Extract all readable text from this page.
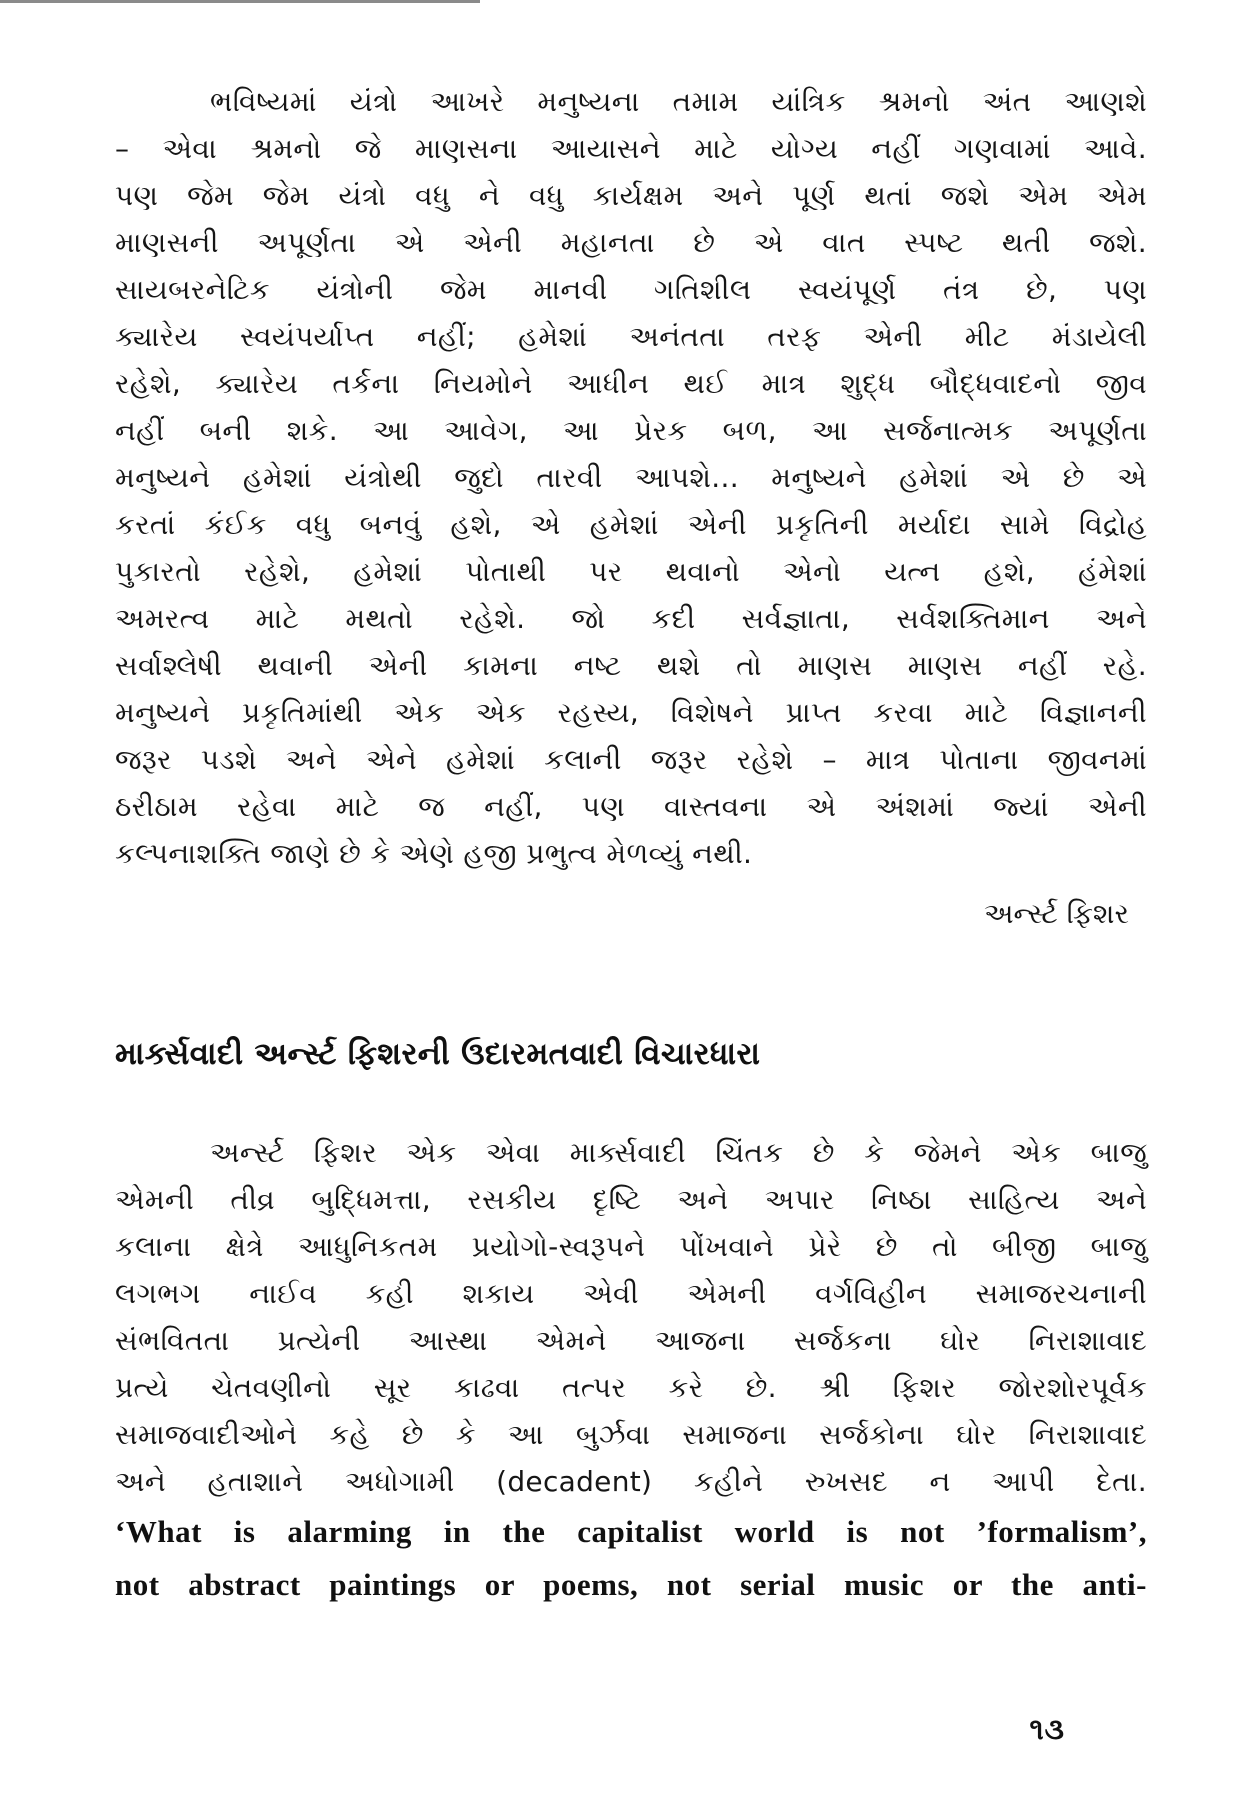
ભવિષ્યમાં યંત્રો આખરે મનુષ્યના તમામ યાંત્રિક શ્રમનો અંત આણશે
– એવા શ્રમનો જે માણસના આયાસને માટે યોગ્ય નહીં ગણવામાં આવે.
પણ જેમ જેમ યંત્રો વધુ ને વધુ કાર્યક્ષમ અને પૂર્ણ થતાં જશે એમ એમ
માણસની અપૂર્ણતા એ એની મહાનતા છે એ વાત સ્પષ્ટ થતી જશે.
સાયબરનેટિક યંત્રોની જેમ માનવી ગતિશીલ સ્વયંપૂર્ણ તંત્ર છે, પણ
ક્યારેય સ્વયંપર્યાપ્ત નહીં; હમેશાં અનંતતા તરફ એની મીટ મંડાયેલી
રહેશે, ક્યારેય તર્કના નિયમોને આધીન થઈ માત્ર શુદ્ધ બૌદ્ધવાદનો જીવ
નહીં બની શકે. આ આવેગ, આ પ્રેરક બળ, આ સર્જનાત્મક અપૂર્ણતા
મનુષ્યને હમેશાં યંત્રોથી જુદો તારવી આપશે... મનુષ્યને હમેશાં એ છે એ
કરતાં કંઈક વધુ બનવું હશે, એ હમેશાં એની પ્રકૃતિની મર્યાદા સામે વિદ્રોહ
પુકારતો રહેશે, હમેશાં પોતાથી પર થવાનો એનો યત્ન હશે, હંમેશાં
અમરત્વ માટે મથતો રહેશે. જો કદી સર્વજ્ઞાતા, સર્વશક્તિમાન અને
સર્વાશ્લેષી થવાની એની કામના નષ્ટ થશે તો માણસ માણસ નહીં રહે.
મનુષ્યને પ્રકૃતિમાંથી એક એક રહસ્ય, વિશેષને પ્રાપ્ત કરવા માટે વિજ્ઞાનની
જરૂર પડશે અને એને હમેશાં કલાની જરૂર રહેશે – માત્ર પોતાના જીવનમાં
ઠરીઠામ રહેવા માટે જ નહીં, પણ વાસ્તવના એ અંશમાં જ્યાં એની
કલ્પનાશક્તિ જાણે છે કે એણે હજી પ્રભુત્વ મેળવ્યું નથી.
અર્ન્સ્ટ ફિશર
માર્ક્સવાદી અર્ન્સ્ટ ફિશરની ઉદારમતવાદી વિચારધારા
અર્ન્સ્ટ ફિશર એક એવા માર્ક્સવાદી ચિંતક છે કે જેમને એક બાજુ
એમની તીવ્ર બુદ્ધિમત્તા, રસકીય દૃષ્ટિ અને અપાર નિષ્ઠા સાહિત્ય અને
કલાના ક્ષેત્રે આધુનિકતમ પ્રયોગો-સ્વરૂપને પોંખવાને પ્રેરે છે તો બીજી બાજુ
લગભગ નાઈવ કહી શકાય એવી એમની વર્ગવિહીન સમાજરચનાની
સંભવિતતા પ્રત્યેની આસ્થા એમને આજના સર્જકના ઘોર નિરાશાવાદ
પ્રત્યે ચેતવણીનો સૂર કાઢવા તત્પર કરે છે. શ્રી ફિશર જોરશોરપૂર્વક
સમાજવાદીઓને કહે છે કે આ બુર્ઝવા સમાજના સર્જકોના ઘોર નિરાશાવાદ
અને હતાશાને અધોગામી (decadent) કહીને રુખસદ ન આપી દેતા.
‘What is alarming in the capitalist world is not ’formalism’,
not abstract paintings or poems, not serial music or the anti-
૧૩
